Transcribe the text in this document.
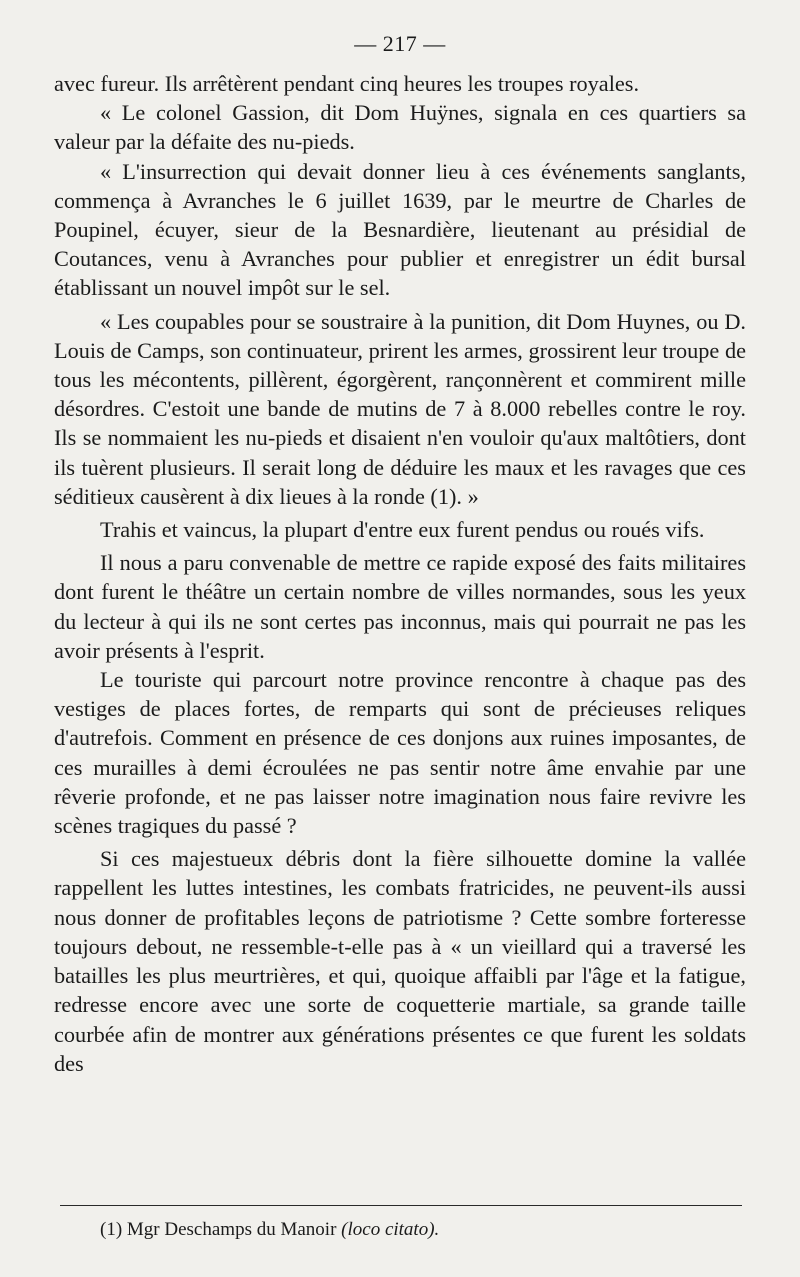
— 217 —

avec fureur. Ils arrêtèrent pendant cinq heures les troupes royales.

« Le colonel Gassion, dit Dom Huÿnes, signala en ces quartiers sa valeur par la défaite des nu-pieds.

« L'insurrection qui devait donner lieu à ces événements sanglants, commença à Avranches le 6 juillet 1639, par le meurtre de Charles de Poupinel, écuyer, sieur de la Besnardière, lieutenant au présidial de Coutances, venu à Avranches pour publier et enregistrer un édit bursal établissant un nouvel impôt sur le sel.

« Les coupables pour se soustraire à la punition, dit Dom Huynes, ou D. Louis de Camps, son continuateur, prirent les armes, grossirent leur troupe de tous les mécontents, pillèrent, égorgèrent, rançonnèrent et commirent mille désordres. C'estoit une bande de mutins de 7 à 8.000 rebelles contre le roy. Ils se nommaient les nu-pieds et disaient n'en vouloir qu'aux maltôtiers, dont ils tuèrent plusieurs. Il serait long de déduire les maux et les ravages que ces séditieux causèrent à dix lieues à la ronde (1). »

Trahis et vaincus, la plupart d'entre eux furent pendus ou roués vifs.

Il nous a paru convenable de mettre ce rapide exposé des faits militaires dont furent le théâtre un certain nombre de villes normandes, sous les yeux du lecteur à qui ils ne sont certes pas inconnus, mais qui pourrait ne pas les avoir présents à l'esprit.

Le touriste qui parcourt notre province rencontre à chaque pas des vestiges de places fortes, de remparts qui sont de précieuses reliques d'autrefois. Comment en présence de ces donjons aux ruines imposantes, de ces murailles à demi écroulées ne pas sentir notre âme envahie par une rêverie profonde, et ne pas laisser notre imagination nous faire revivre les scènes tragiques du passé ?

Si ces majestueux débris dont la fière silhouette domine la vallée rappellent les luttes intestines, les combats fratricides, ne peuvent-ils aussi nous donner de profitables leçons de patriotisme ? Cette sombre forteresse toujours debout, ne ressemble-t-elle pas à « un vieillard qui a traversé les batailles les plus meurtrières, et qui, quoique affaibli par l'âge et la fatigue, redresse encore avec une sorte de coquetterie martiale, sa grande taille courbée afin de montrer aux générations présentes ce que furent les soldats des

(1) Mgr Deschamps du Manoir (loco citato).
